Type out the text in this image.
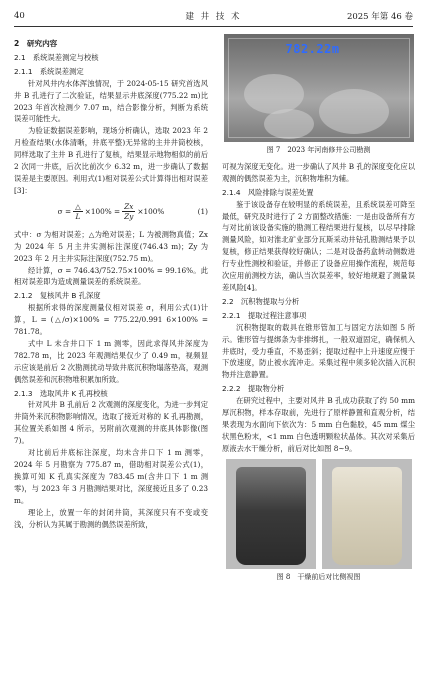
40	建 井 技 术	2025 年第 46 卷
2　研究内容
2.1　系统误差测定与校核
2.1.1　系统误差测定

针对风井内水体浑浊情况，于 2024-05-15 研究首选风井 B 孔进行了二次验证，结果显示井底深度(775.22 m)比 2023 年首次检测少 7.07 m，结合影像分析，判断为系统误差可能性大。

为验证数据误差影响，现场分析确认，选取 2023 年 2 月检查结果(水体清晰，井底平整)无异常的主井井筒校核，同样选取了主井 B 孔进行了复核，结果显示地物相似的前后 2 次同一井底，后次比前次少 6.32 m，进一步确认了数据误差是主要原因。利用式(1)相对误差公式计算得出相对误差[3]：

$\sigma = \frac{\triangle}{L} \times 100\% = \frac{Zx}{Zy} \times 100\%$	(1)

式中：σ 为相对误差；△为绝对误差；L 为被测物真值；Zx 为 2024 年 5 月主井实测标注深度(746.43 m)；Zy 为 2023 年 2 月主井实际注深度(752.75 m)。

经计算，σ = 746.43/752.75×100% = 99.16%。此相对误差即为造成测量误差的系统误差。

2.1.2　复核风井 B 孔深度

根据所求得的深度测量仪相对误差 σ，利用公式(1)计算，L = (△/σ)×100% = 775.22/0.991 6×100% = 781.78。

式中 L 未含井口下 1 m 测零，因此求得风井深度为 782.78 m，比 2023 年观测结果仅少了 0.49 m，视频显示应该是前后 2 次勘测扰动导致井底沉积物塌落垫高，观测偶然误差和沉积物堆积累加所致。

2.1.3　选取风井 K 孔再校核

针对风井 B 孔前后 2 次观测的深度变化，为进一步判定井筒外来沉积物影响情况，选取了接近对称的 K 孔再勘测，其位置关系如图 4 所示，另附前次观测的井底具体影像(图 7)。

对比前后井底标注深度，均未含井口下 1 m 测零，2024 年 5 月勘察为 775.87 m，借助相对误差公式(1)，换算可知 K 孔真实深度为 783.45 m(含井口下 1 m 测零)，与 2023 年 3 月勘测结果对比，深度接近且多了 0.23 m。

理论上，放置一年的封闭井筒，其深度只有不变或变浅，分析认为其属于勘测的偶然误差所致，

782.22m
图 7　2023 年河南修井公司勘测

可视为深度无变化。进一步确认了风井 B 孔的深度变化应以观测的偶然误差为主，沉积物堆积为辅。

2.1.4　风险排除与误差处置

鉴于该设备存在较明显的系统误差，且系统误差可降至最低，研究及时进行了 2 方面整改措施：一是由设备所有方与对比前该设备实施的勘测工程结果进行复核，以尽早排除测量风险，如对淮北矿业部分瓦斯采动井钻孔勘测结果予以复核，修正结果获得较好确认；二是对设备药盒转动侧数进行专业性测校和验证，并修正了设备应用操作流程，规范每次应用前测校方法，确认当次误差率，较好地规避了测量误差风险[4]。

2.2　沉积物提取与分析
2.2.1　提取过程注意事项

沉积物提取的载具在锥形管加工与固定方法如图 5 所示。锥形管与提绑条为非排绑扎，一般双道固定，确保机入井底时，受力垂直，不易歪斜；提取过程中上升速度应慢于下放速度，防止被水流冲走。采集过程中须多轮次插入沉积物并注意静置。

2.2.2　提取物分析

在研究过程中，主要对风井 B 孔成功获取了约 50 mm 厚沉积物，样本存取前，先进行了原样静置和直观分析，结果表现为水面向下依次为：5 mm 白色黏胶，45 mm 煤尘状黑色粉末，<1 mm 白色透明颗粒状晶体。其次对采集后原液去水干燥分析，前后对比如图 8~9。

图 8　干燥前后对比侧视图
